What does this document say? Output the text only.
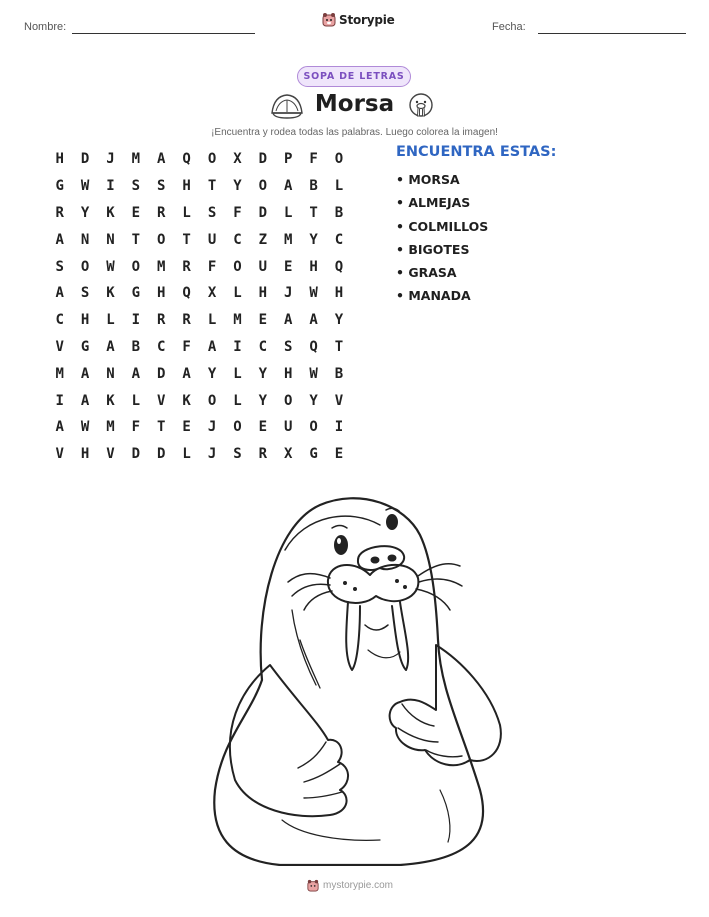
Nombre:
Storypie
Fecha:
SOPA DE LETRAS
Morsa
¡Encuentra y rodea todas las palabras. Luego colorea la imagen!
H	D	J	M	A	Q	O	X	D	P	F	O
G	W	I	S	S	H	T	Y	O	A	B	L
R	Y	K	E	R	L	S	F	D	L	T	B
A	N	N	T	O	T	U	C	Z	M	Y	C
S	O	W	O	M	R	F	O	U	E	H	Q
A	S	K	G	H	Q	X	L	H	J	W	H
C	H	L	I	R	R	L	M	E	A	A	Y
V	G	A	B	C	F	A	I	C	S	Q	T
M	A	N	A	D	A	Y	L	Y	H	W	B
I	A	K	L	V	K	O	L	Y	O	Y	V
A	W	M	F	T	E	J	O	E	U	O	I
V	H	V	D	D	L	J	S	R	X	G	E
ENCUENTRA ESTAS:
• MORSA
• ALMEJAS
• COLMILLOS
• BIGOTES
• GRASA
• MANADA
mystorypie.com
